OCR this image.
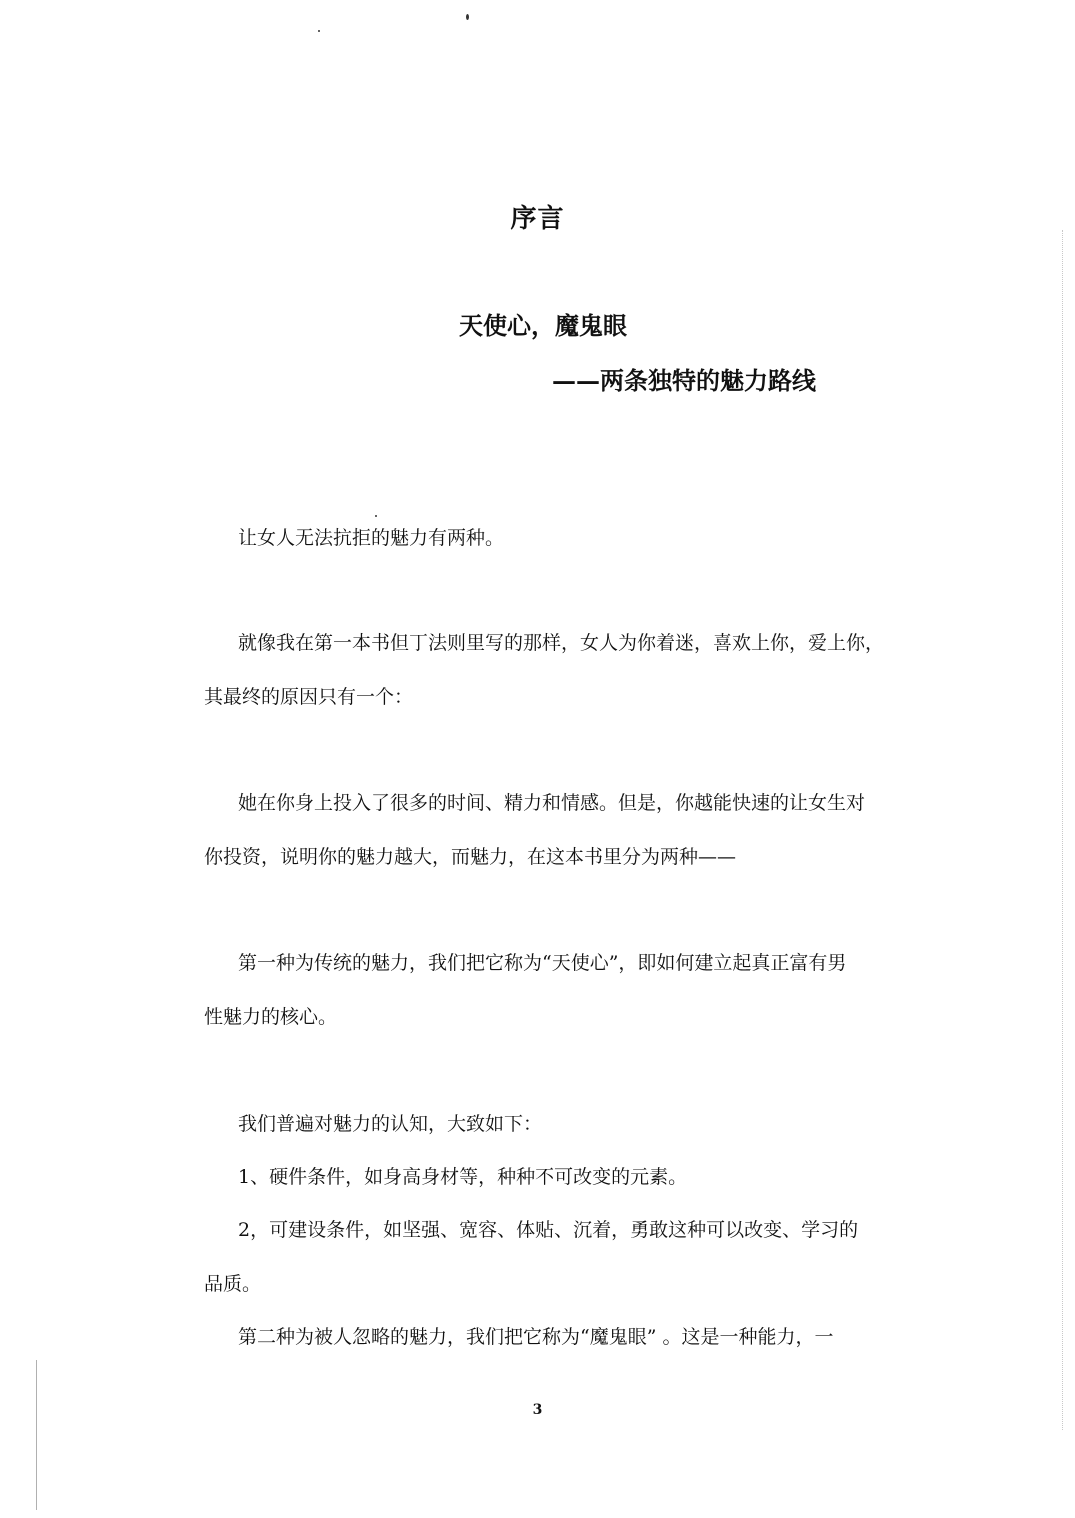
序言
天使心，魔鬼眼
——两条独特的魅力路线
让女人无法抗拒的魅力有两种。
就像我在第一本书但丁法则里写的那样，女人为你着迷，喜欢上你，爱上你，
其最终的原因只有一个：
她在你身上投入了很多的时间、精力和情感。但是，你越能快速的让女生对
你投资，说明你的魅力越大，而魅力，在这本书里分为两种——
第一种为传统的魅力，我们把它称为“天使心”，即如何建立起真正富有男
性魅力的核心。
我们普遍对魅力的认知，大致如下：
1、硬件条件，如身高身材等，种种不可改变的元素。
2，可建设条件，如坚强、宽容、体贴、沉着，勇敢这种可以改变、学习的
品质。
第二种为被人忽略的魅力，我们把它称为“魔鬼眼” 。这是一种能力，一
3
